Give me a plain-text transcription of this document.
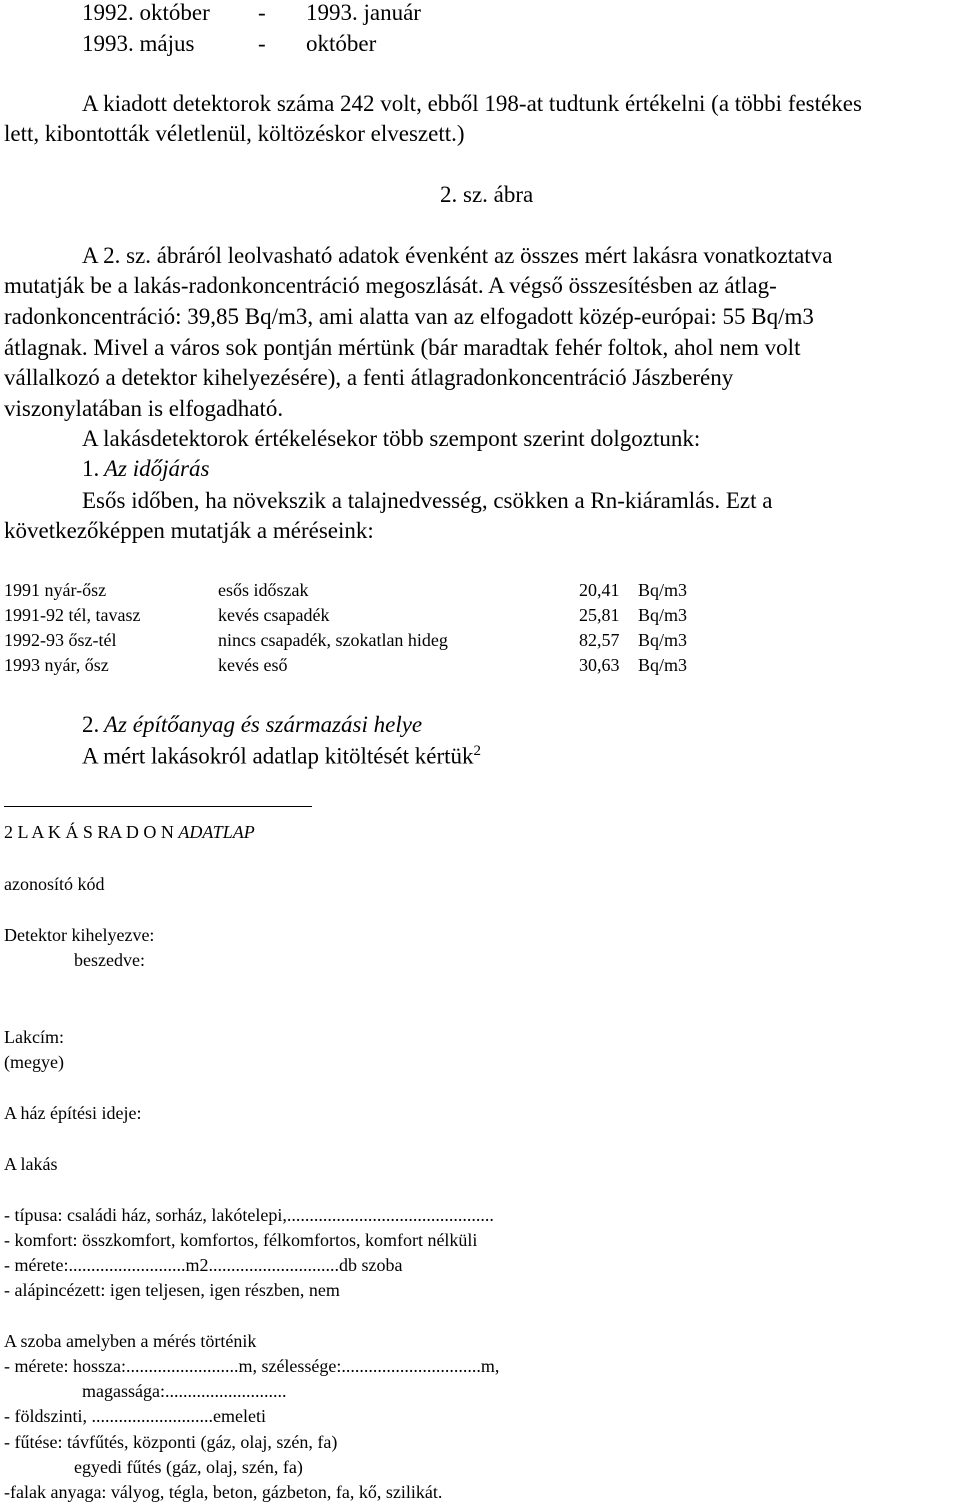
1992. október - 1993. január
1993. május	- október
A kiadott detektorok száma 242 volt, ebből 198-at tudtunk értékelni (a többi festékes
lett, kibontották véletlenül, költözéskor elveszett.)
2. sz. ábra
A 2. sz. ábráról leolvasható adatok évenként az összes mért lakásra vonatkoztatva
mutatják be a lakás-radonkoncentráció megoszlását. A végső összesítésben az átlag-
radonkoncentráció: 39,85 Bq/m3, ami alatta van az elfogadott közép-európai: 55 Bq/m3
átlagnak. Mivel a város sok pontján mértünk (bár maradtak fehér foltok, ahol nem volt
vállalkozó a detektor kihelyezésére), a fenti átlagradonkoncentráció Jászberény
viszonylatában is elfogadható.
A lakásdetektorok értékelésekor több szempont szerint dolgoztunk:
1. Az időjárás
Esős időben, ha növekszik a talajnedvesség, csökken a Rn-kiáramlás. Ezt a
következőképpen mutatják a méréseink:
1991 nyár-ősz	esős időszak	20,41 Bq/m3
1991-92 tél, tavasz	kevés csapadék	25,81 Bq/m3
1992-93 ősz-tél	nincs csapadék, szokatlan hideg	82,57 Bq/m3
1993 nyár, ősz	kevés eső	30,63 Bq/m3
2. Az építőanyag és származási helye
A mért lakásokról adatlap kitöltését kértük$^2$
2 L A K Á S RA D O N ADATLAP
azonosító kód
Detektor kihelyezve:
beszedve:
Lakcím:
(megye)
A ház építési ideje:
A lakás
- típusa: családi ház, sorház, lakótelepi,..............................................
- komfort: összkomfort, komfortos, félkomfortos, komfort nélküli
- mérete:..........................m2.............................db szoba
- alápincézett: igen teljesen, igen részben, nem
A szoba amelyben a mérés történik
- mérete: hossza:.........................m, szélessége:...............................m,
magassága:...........................
- földszinti, ...........................emeleti
- fűtése: távfűtés, központi (gáz, olaj, szén, fa)
egyedi fűtés (gáz, olaj, szén, fa)
-falak anyaga: vályog, tégla, beton, gázbeton, fa, kő, szilikát.
